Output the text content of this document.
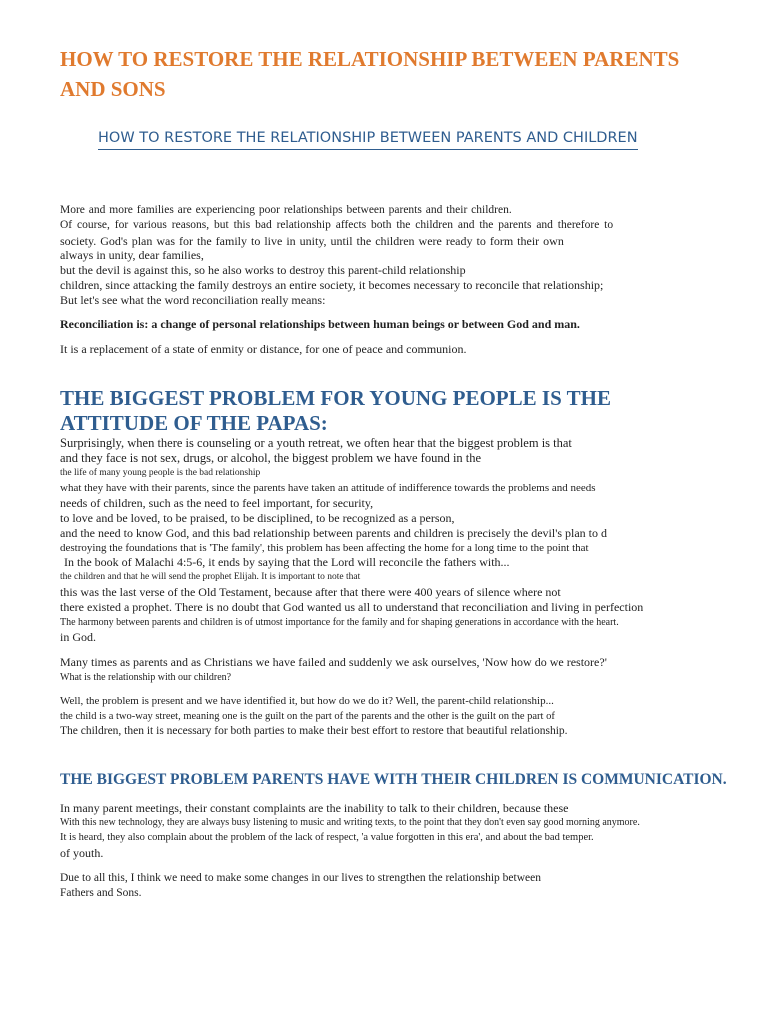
HOW TO RESTORE THE RELATIONSHIP BETWEEN PARENTS AND SONS
HOW TO RESTORE THE RELATIONSHIP BETWEEN PARENTS AND CHILDREN
More and more families are experiencing poor relationships between parents and their children.
Of course, for various reasons, but this bad relationship affects both the children and the parents and therefore to
society. God's plan was for the family to live in unity, until the children were ready to form their own
always in unity, dear families,
but the devil is against this, so he also works to destroy this parent-child relationship
children, since attacking the family destroys an entire society, it becomes necessary to reconcile that relationship;
But let's see what the word reconciliation really means:
Reconciliation is: a change of personal relationships between human beings or between God and man.
It is a replacement of a state of enmity or distance, for one of peace and communion.
THE BIGGEST PROBLEM FOR YOUNG PEOPLE IS THE ATTITUDE OF THE PAPAS:
Surprisingly, when there is counseling or a youth retreat, we often hear that the biggest problem is that
and they face is not sex, drugs, or alcohol, the biggest problem we have found in the
the life of many young people is the bad relationship
what they have with their parents, since the parents have taken an attitude of indifference towards the problems and needs
needs of children, such as the need to feel important, for security,
to love and be loved, to be praised, to be disciplined, to be recognized as a person,
and the need to know God, and this bad relationship between parents and children is precisely the devil's plan to d
destroying the foundations that is 'The family', this problem has been affecting the home for a long time to the point that
In the book of Malachi 4:5-6, it ends by saying that the Lord will reconcile the fathers with...
the children and that he will send the prophet Elijah. It is important to note that
this was the last verse of the Old Testament, because after that there were 400 years of silence where not
there existed a prophet. There is no doubt that God wanted us all to understand that reconciliation and living in perfection
The harmony between parents and children is of utmost importance for the family and for shaping generations in accordance with the heart.
in God.
Many times as parents and as Christians we have failed and suddenly we ask ourselves, 'Now how do we restore?'
What is the relationship with our children?
Well, the problem is present and we have identified it, but how do we do it? Well, the parent-child relationship...
the child is a two-way street, meaning one is the guilt on the part of the parents and the other is the guilt on the part of
The children, then it is necessary for both parties to make their best effort to restore that beautiful relationship.
THE BIGGEST PROBLEM PARENTS HAVE WITH THEIR CHILDREN IS COMMUNICATION.
In many parent meetings, their constant complaints are the inability to talk to their children, because these
With this new technology, they are always busy listening to music and writing texts, to the point that they don't even say good morning anymore.
It is heard, they also complain about the problem of the lack of respect, 'a value forgotten in this era', and about the bad temper.
of youth.
Due to all this, I think we need to make some changes in our lives to strengthen the relationship between
Fathers and Sons.
